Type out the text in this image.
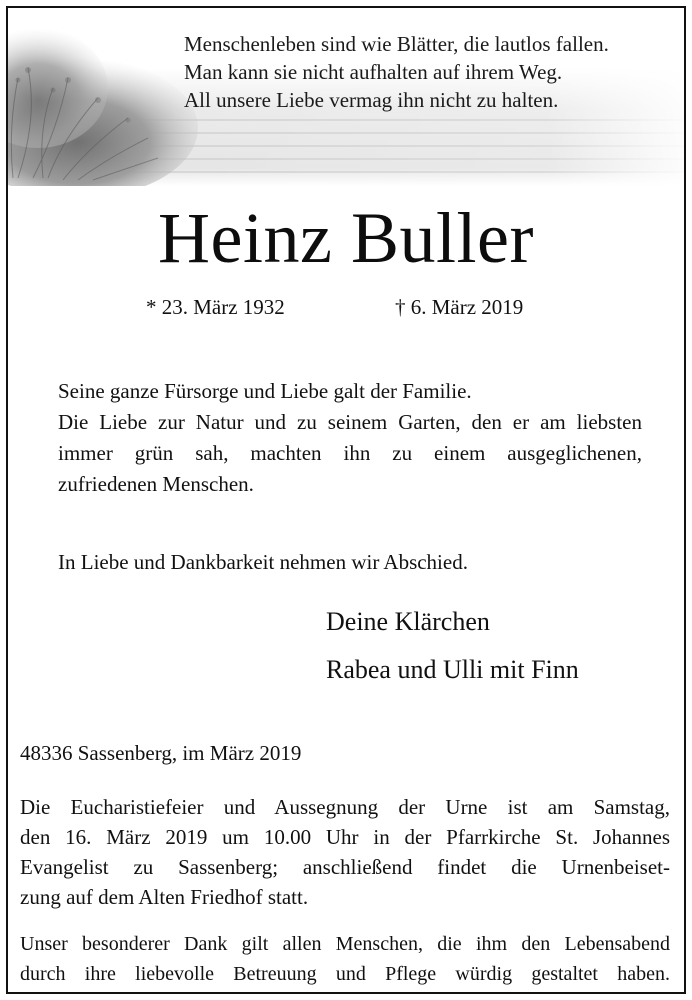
Menschenleben sind wie Blätter, die lautlos fallen.
Man kann sie nicht aufhalten auf ihrem Weg.
All unsere Liebe vermag ihn nicht zu halten.
Heinz Buller
* 23. März 1932	† 6. März 2019
Seine ganze Fürsorge und Liebe galt der Familie.
Die Liebe zur Natur und zu seinem Garten, den er am liebsten
immer grün sah, machten ihn zu einem ausgeglichenen,
zufriedenen Menschen.
In Liebe und Dankbarkeit nehmen wir Abschied.
Deine Klärchen
Rabea und Ulli mit Finn
48336 Sassenberg, im März 2019
Die Eucharistiefeier und Aussegnung der Urne ist am Samstag,
den 16. März 2019 um 10.00 Uhr in der Pfarrkirche St. Johannes
Evangelist zu Sassenberg; anschließend findet die Urnenbeiset-
zung auf dem Alten Friedhof statt.
Unser besonderer Dank gilt allen Menschen, die ihm den Lebensabend
durch ihre liebevolle Betreuung und Pflege würdig gestaltet haben.
